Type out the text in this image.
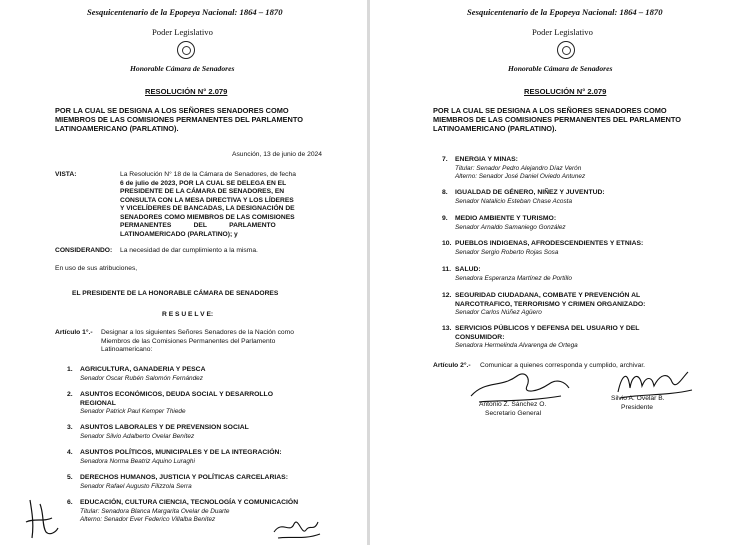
Sesquicentenario de la Epopeya Nacional: 1864 – 1870
Poder Legislativo
Honorable Cámara de Senadores
RESOLUCIÓN N° 2.079
POR LA CUAL SE DESIGNA A LOS SEÑORES SENADORES COMO
MIEMBROS DE LAS COMISIONES PERMANENTES DEL PARLAMENTO
LATINOAMERICANO (PARLATINO).
Asunción, 13 de junio de 2024
VISTA:	La Resolución N° 18 de la Cámara de Senadores, de fecha
6 de julio de 2023, POR LA CUAL SE DELEGA EN EL
PRESIDENTE DE LA CÁMARA DE SENADORES, EN
CONSULTA CON LA MESA DIRECTIVA Y LOS LÍDERES
Y VICELÍDERES DE BANCADAS, LA DESIGNACIÓN DE
SENADORES COMO MIEMBROS DE LAS COMISIONES
PERMANENTES            DEL            PARLAMENTO
LATINOAMERICADO (PARLATINO); y
CONSIDERANDO: La necesidad de dar cumplimiento a la misma.
En uso de sus atribuciones,
EL PRESIDENTE DE LA HONORABLE CÁMARA DE SENADORES
R E S U E L V E:
Artículo 1°.- Designar a los siguientes Señores Senadores de la Nación como
Miembros de las Comisiones Permanentes del Parlamento
Latinoamericano:
1. AGRICULTURA, GANADERIA Y PESCA
Senador Oscar Rubén Salomón Fernández
2. ASUNTOS ECONÓMICOS, DEUDA SOCIAL Y DESARROLLO
REGIONAL
Senador Patrick Paul Kemper Thiede
3. ASUNTOS LABORALES Y DE PREVENSION SOCIAL
Senador Silvio Adalberto Ovelar Benítez
4. ASUNTOS POLÍTICOS, MUNICIPALES Y DE LA INTEGRACIÓN:
Senadora Norma Beatriz Aquino Luraghi
5. DERECHOS HUMANOS, JUSTICIA Y POLÍTICAS CARCELARIAS:
Senador Rafael Augusto Filizzola Serra
6. EDUCACIÓN, CULTURA CIENCIA, TECNOLOGÍA Y COMUNICACIÓN
Titular: Senadora Blanca Margarita Ovelar de Duarte
Alterno: Senador Ever Federico Villalba Benítez
Sesquicentenario de la Epopeya Nacional: 1864 – 1870
Poder Legislativo
Honorable Cámara de Senadores
RESOLUCIÓN N° 2.079
POR LA CUAL SE DESIGNA A LOS SEÑORES SENADORES COMO
MIEMBROS DE LAS COMISIONES PERMANENTES DEL PARLAMENTO
LATINOAMERICANO (PARLATINO).
7. ENERGIA Y MINAS:
Titular: Senador Pedro Alejandro Díaz Verón
Alterno: Senador José Daniel Oviedo Antunez
8. IGUALDAD DE GÉNERO, NIÑEZ Y JUVENTUD:
Senador Natalicio Esteban Chase Acosta
9. MEDIO AMBIENTE Y TURISMO:
Senador Arnaldo Samaniego González
10. PUEBLOS INDIGENAS, AFRODESCENDIENTES Y ETNIAS:
Senador Sergio Roberto Rojas Sosa
11. SALUD:
Senadora Esperanza Martínez de Portillo
12. SEGURIDAD CIUDADANA, COMBATE Y PREVENCIÓN AL
NARCOTRAFICO, TERRORISMO Y CRIMEN ORGANIZADO:
Senador Carlos Núñez Agüero
13. SERVICIOS PÚBLICOS Y DEFENSA DEL USUARIO Y DEL
CONSUMIDOR:
Senadora Hermelinda Alvarenga de Ortega
Artículo 2°.- Comunicar a quienes corresponda y cumplido, archivar.
Antonio Z. Sánchez O.
Secretario General
Silvio A. Ovelar B.
Presidente
